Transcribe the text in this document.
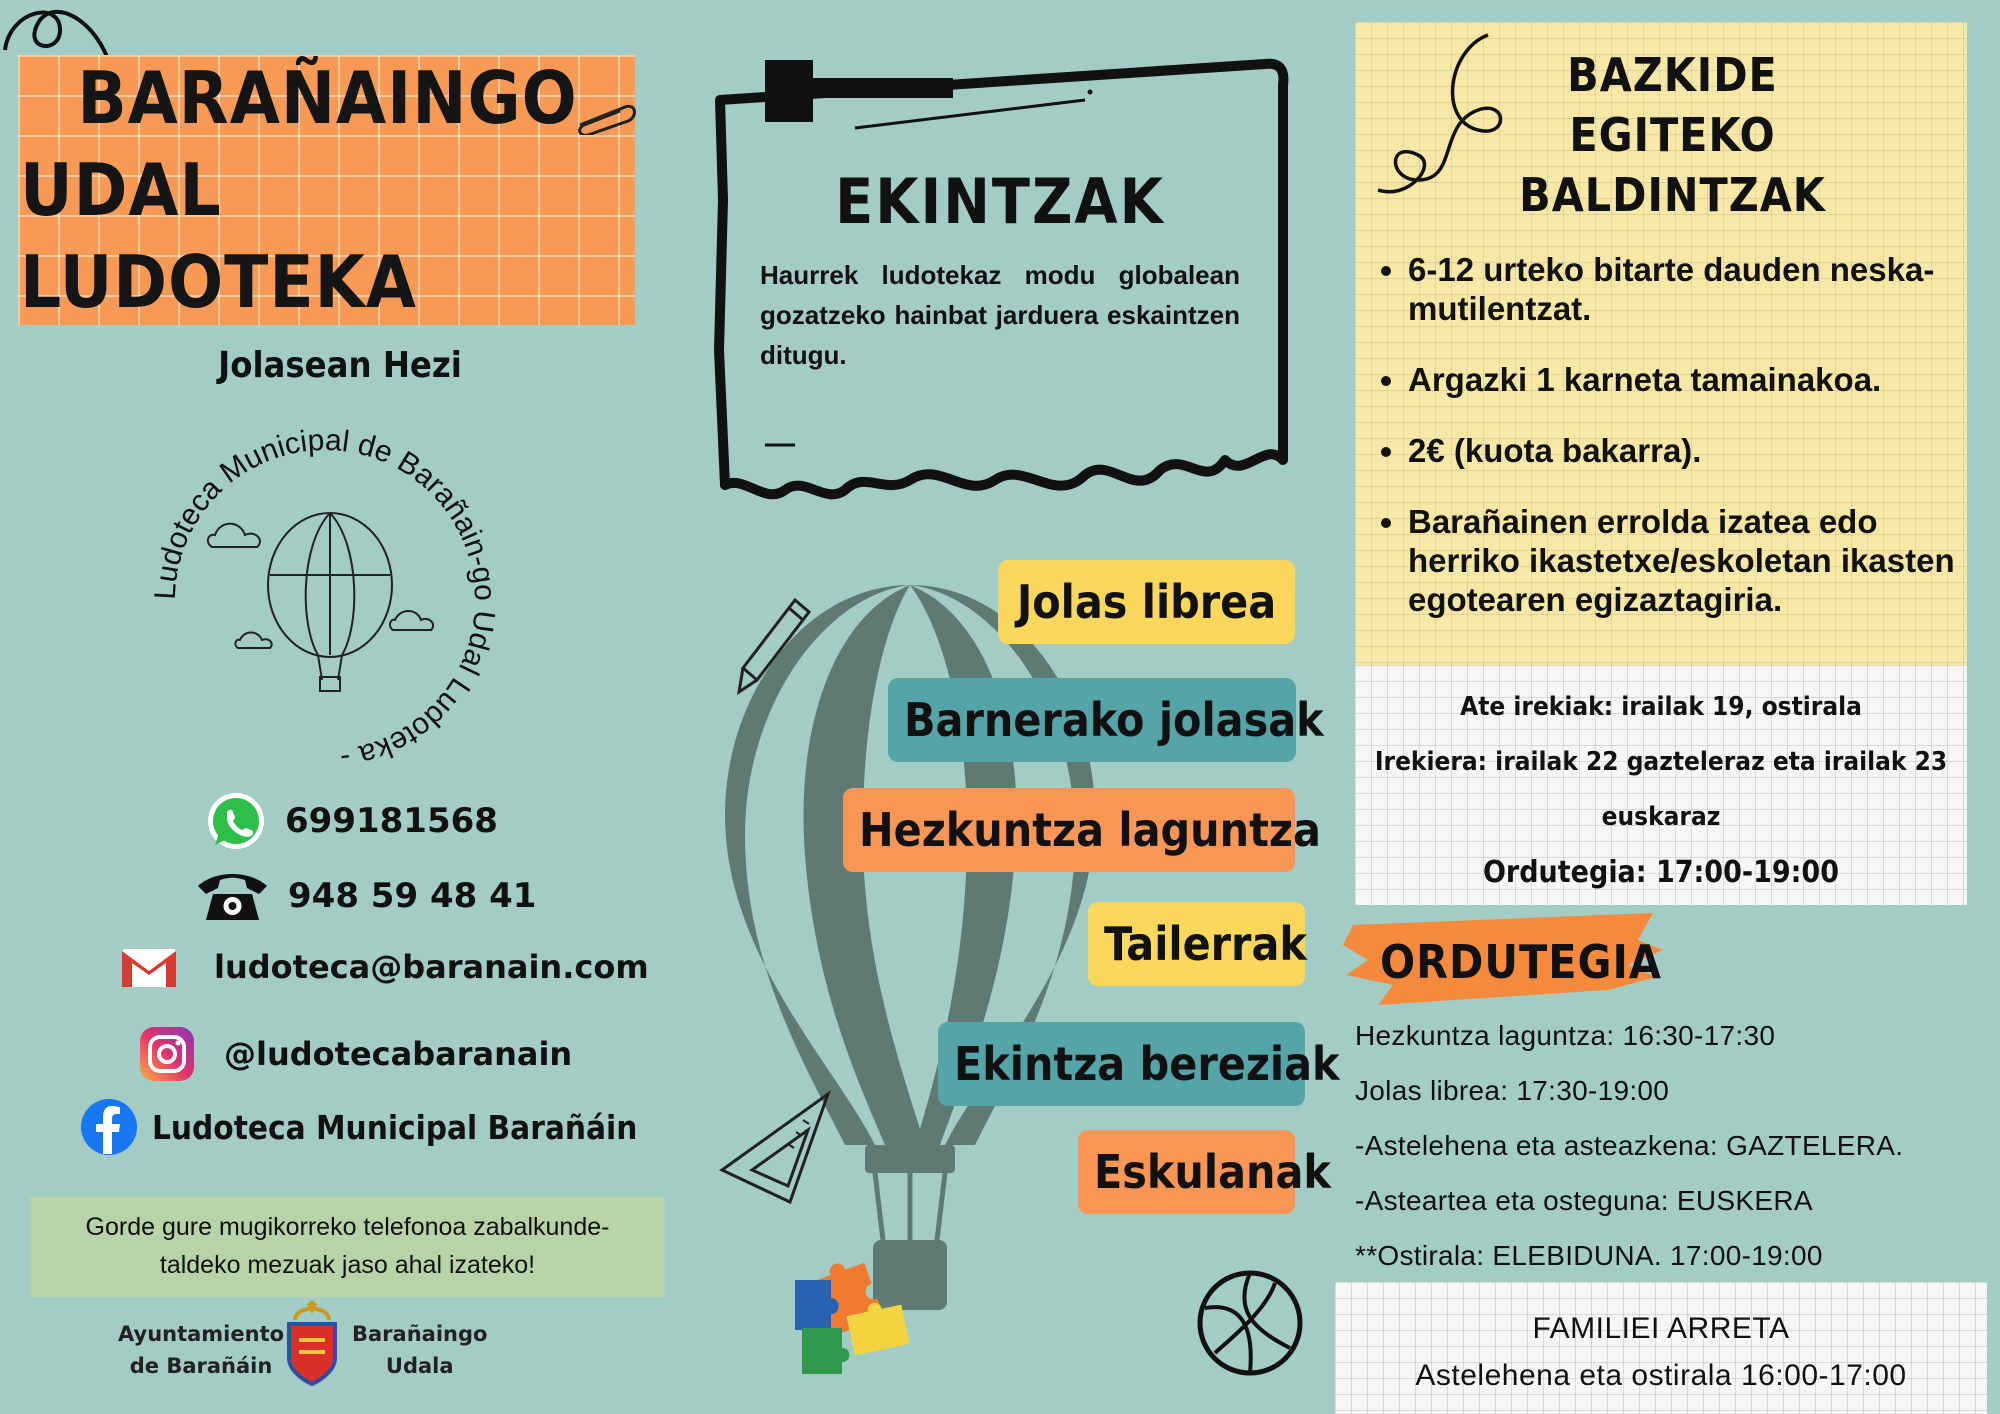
BARAÑAINGO
UDAL LUDOTEKA
Jolasean Hezi
Ludoteca Municipal de Barañain-go Udal Ludoteka -
699181568
948 59 48 41
ludoteca@baranain.com
@ludotecabaranain
Ludoteca Municipal Barañáin
Gorde gure mugikorreko telefonoa zabalkunde-
taldeko mezuak jaso ahal izateko!
Ayuntamiento
de Barañáin
Barañaingo
Udala
EKINTZAK
Haurrek ludotekaz modu globalean gozatzeko hainbat jarduera eskaintzen ditugu.
Jolas librea
Barnerako jolasak
Hezkuntza laguntza
Tailerrak
Ekintza bereziak
Eskulanak
BAZKIDE
EGITEKO
BALDINTZAK
• 6-12 urteko bitarte dauden neska-mutilentzat.
• Argazki 1 karneta tamainakoa.
• 2€ (kuota bakarra).
• Barañainen errolda izatea edo herriko ikastetxe/eskoletan ikasten egotearen egizaztagiria.
Ate irekiak: irailak 19, ostirala
Irekiera: irailak 22 gazteleraz eta irailak 23
euskaraz
Ordutegia: 17:00-19:00
ORDUTEGIA
Hezkuntza laguntza: 16:30-17:30
Jolas librea: 17:30-19:00
-Astelehena eta asteazkena: GAZTELERA.
-Asteartea eta osteguna: EUSKERA
**Ostirala: ELEBIDUNA. 17:00-19:00
FAMILIEI ARRETA
Astelehena eta ostirala 16:00-17:00
